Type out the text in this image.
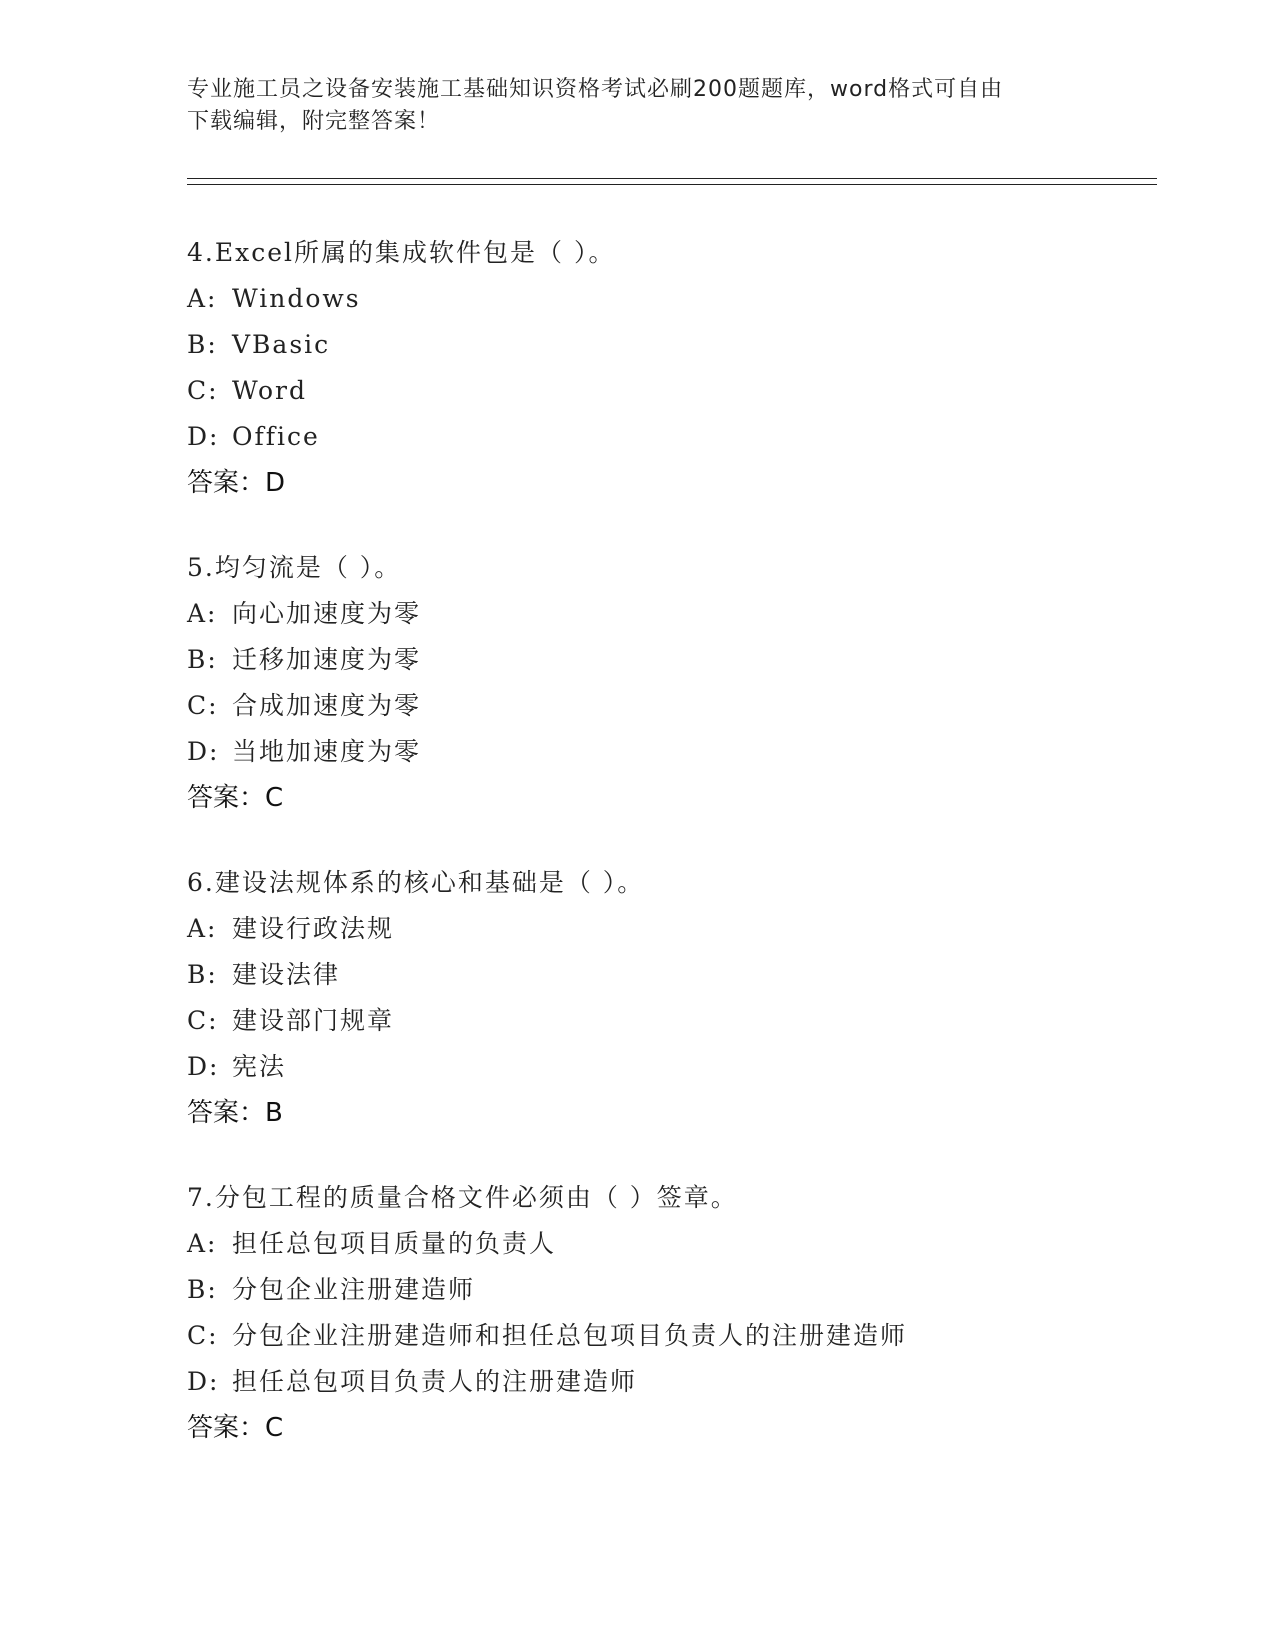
专业施工员之设备安装施工基础知识资格考试必刷200题题库，word格式可自由
下载编辑，附完整答案！
4.Excel所属的集成软件包是（ ）。
A: Windows
B: VBasic
C: Word
D: Office
答案：D
5.均匀流是（ ）。
A: 向心加速度为零
B: 迁移加速度为零
C: 合成加速度为零
D: 当地加速度为零
答案：C
6.建设法规体系的核心和基础是（ ）。
A: 建设行政法规
B: 建设法律
C: 建设部门规章
D: 宪法
答案：B
7.分包工程的质量合格文件必须由（ ）签章。
A: 担任总包项目质量的负责人
B: 分包企业注册建造师
C: 分包企业注册建造师和担任总包项目负责人的注册建造师
D: 担任总包项目负责人的注册建造师
答案：C
